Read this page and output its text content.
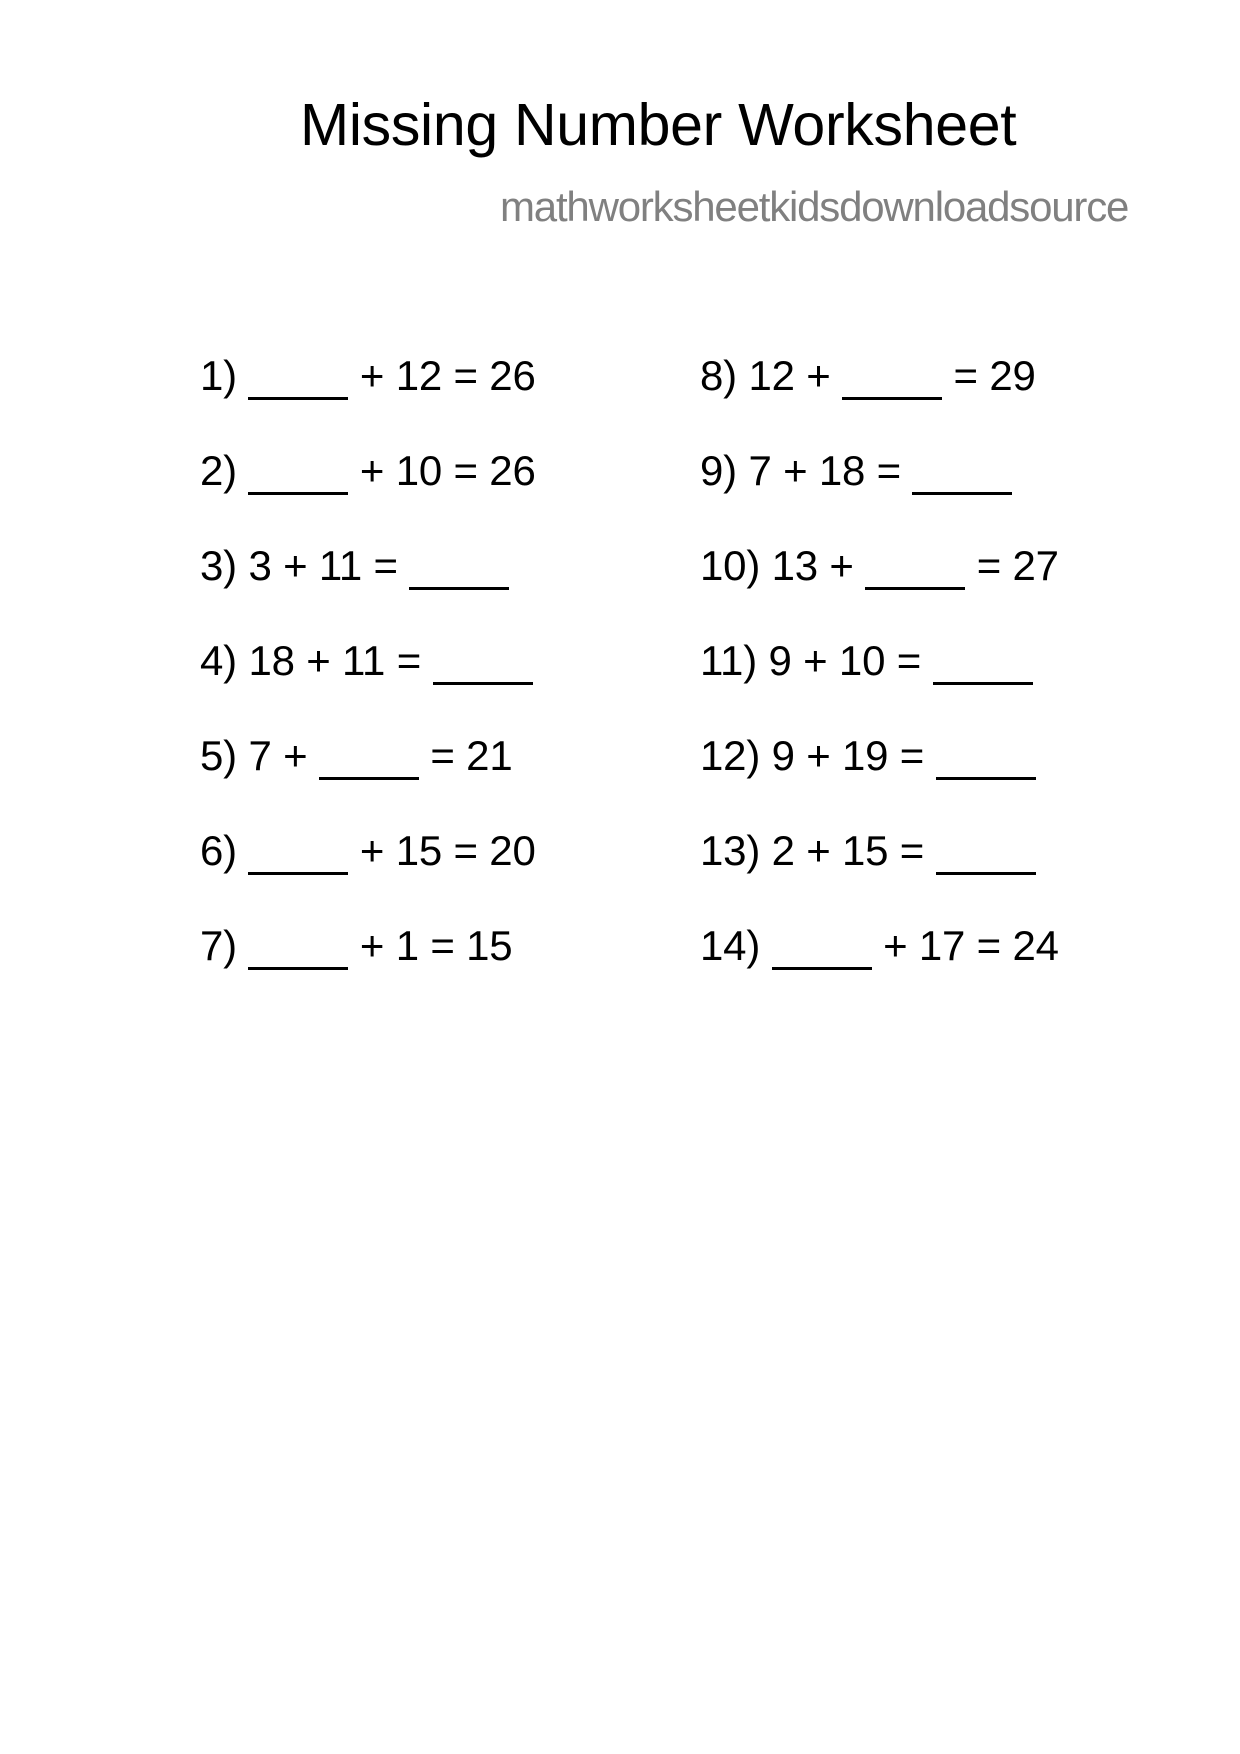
Missing Number Worksheet
mathworksheetkidsdownloadsource
1)	+ 12 = 26
2)	+ 10 = 26
3) 3 + 11 =
4) 18 + 11 =
5) 7 +	= 21
6)	+ 15 = 20
7)	+ 1 = 15
8) 12 +	= 29
9) 7 + 18 =
10) 13 +	= 27
11) 9 + 10 =
12) 9 + 19 =
13) 2 + 15 =
14)	+ 17 = 24
